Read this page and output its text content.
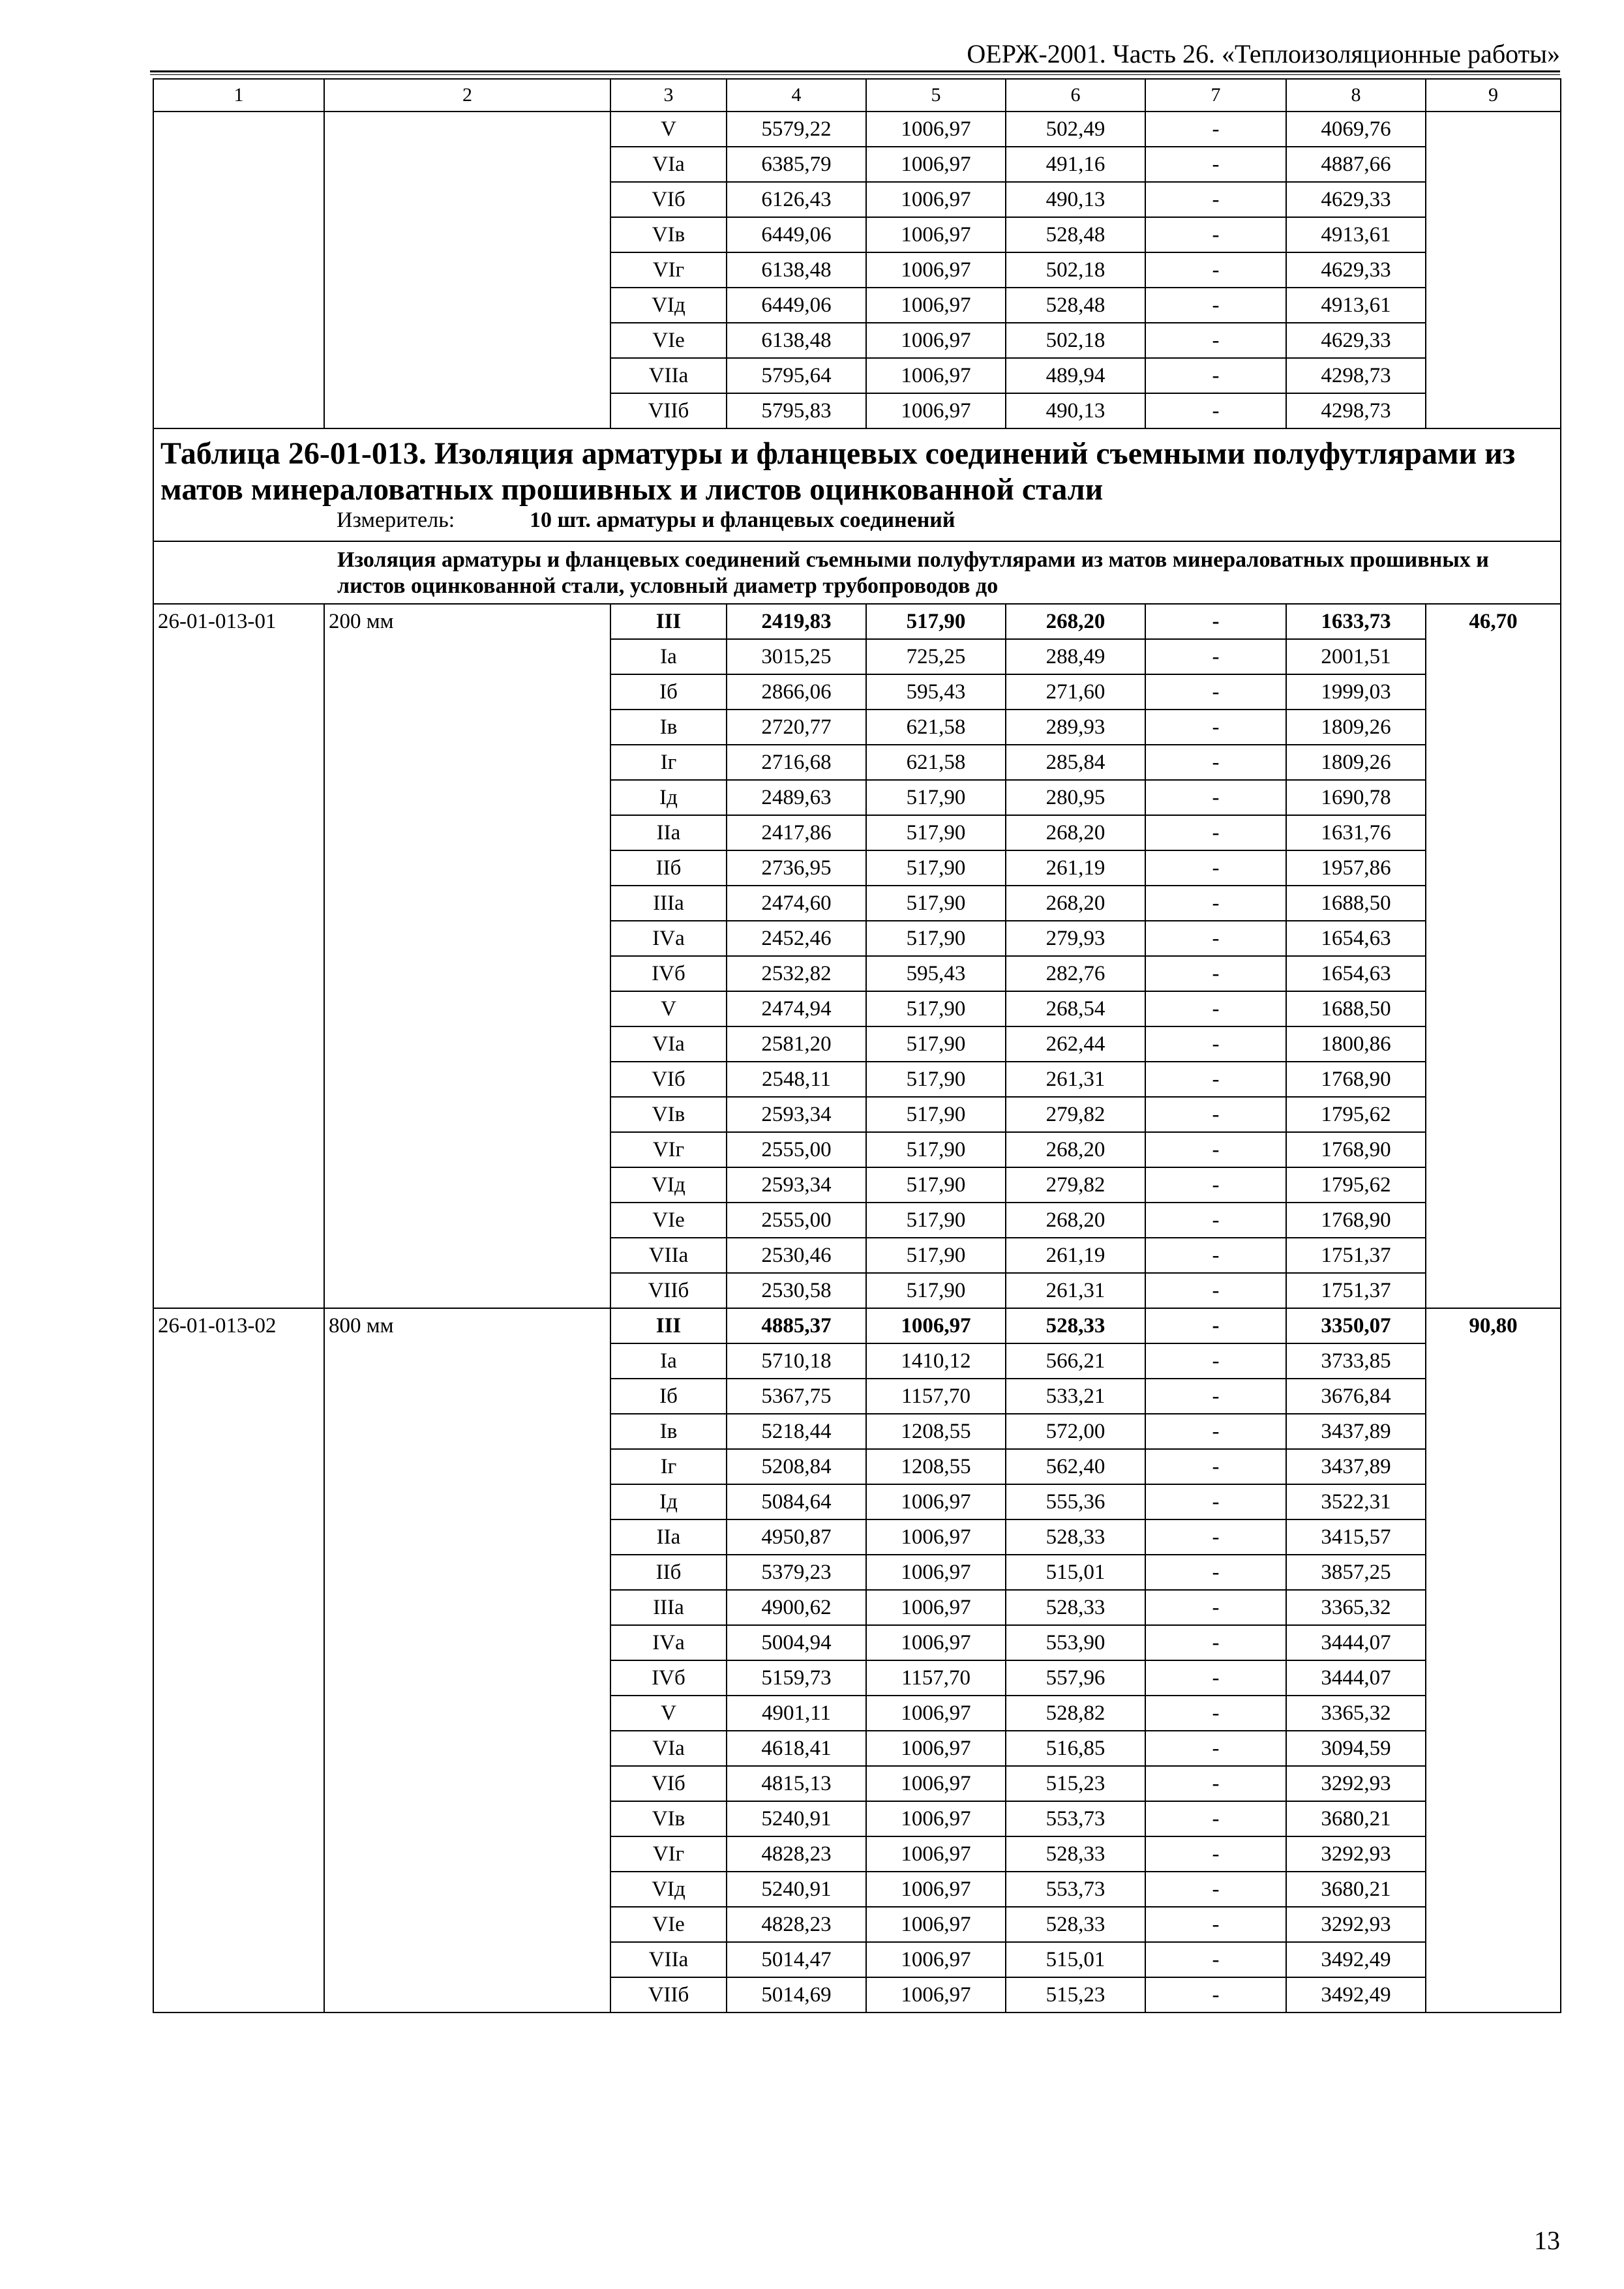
ОЕРЖ-2001. Часть 26. «Теплоизоляционные работы»
1	2	3	4	5	6	7	8	9
		V	5579,22	1006,97	502,49	-	4069,76	
		VIа	6385,79	1006,97	491,16	-	4887,66	
		VIб	6126,43	1006,97	490,13	-	4629,33	
		VIв	6449,06	1006,97	528,48	-	4913,61	
		VIг	6138,48	1006,97	502,18	-	4629,33	
		VIд	6449,06	1006,97	528,48	-	4913,61	
		VIе	6138,48	1006,97	502,18	-	4629,33	
		VIIа	5795,64	1006,97	489,94	-	4298,73	
		VIIб	5795,83	1006,97	490,13	-	4298,73	
Таблица 26-01-013. Изоляция арматуры и фланцевых соединений съемными полуфутлярами из матов минераловатных прошивных и листов оцинкованной стали								
Измеритель: 10 шт. арматуры и фланцевых соединений								

Изоляция арматуры и фланцевых соединений съемными полуфутлярами из матов минераловатных прошивных и листов оцинкованной стали, условный диаметр трубопроводов до								

26-01-013-01	200 мм	III	2419,83	517,90	268,20	-	1633,73	46,70
		Iа	3015,25	725,25	288,49	-	2001,51	
		Iб	2866,06	595,43	271,60	-	1999,03	
		Iв	2720,77	621,58	289,93	-	1809,26	
		Iг	2716,68	621,58	285,84	-	1809,26	
		Iд	2489,63	517,90	280,95	-	1690,78	
		IIа	2417,86	517,90	268,20	-	1631,76	
		IIб	2736,95	517,90	261,19	-	1957,86	
		IIIа	2474,60	517,90	268,20	-	1688,50	
		IVа	2452,46	517,90	279,93	-	1654,63	
		IVб	2532,82	595,43	282,76	-	1654,63	
		V	2474,94	517,90	268,54	-	1688,50	
		VIа	2581,20	517,90	262,44	-	1800,86	
		VIб	2548,11	517,90	261,31	-	1768,90	
		VIв	2593,34	517,90	279,82	-	1795,62	
		VIг	2555,00	517,90	268,20	-	1768,90	
		VIд	2593,34	517,90	279,82	-	1795,62	
		VIе	2555,00	517,90	268,20	-	1768,90	
		VIIа	2530,46	517,90	261,19	-	1751,37	
		VIIб	2530,58	517,90	261,31	-	1751,37	
26-01-013-02	800 мм	III	4885,37	1006,97	528,33	-	3350,07	90,80
		Iа	5710,18	1410,12	566,21	-	3733,85	
		Iб	5367,75	1157,70	533,21	-	3676,84	
		Iв	5218,44	1208,55	572,00	-	3437,89	
		Iг	5208,84	1208,55	562,40	-	3437,89	
		Iд	5084,64	1006,97	555,36	-	3522,31	
		IIа	4950,87	1006,97	528,33	-	3415,57	
		IIб	5379,23	1006,97	515,01	-	3857,25	
		IIIа	4900,62	1006,97	528,33	-	3365,32	
		IVа	5004,94	1006,97	553,90	-	3444,07	
		IVб	5159,73	1157,70	557,96	-	3444,07	
		V	4901,11	1006,97	528,82	-	3365,32	
		VIа	4618,41	1006,97	516,85	-	3094,59	
		VIб	4815,13	1006,97	515,23	-	3292,93	
		VIв	5240,91	1006,97	553,73	-	3680,21	
		VIг	4828,23	1006,97	528,33	-	3292,93	
		VIд	5240,91	1006,97	553,73	-	3680,21	
		VIе	4828,23	1006,97	528,33	-	3292,93	
		VIIа	5014,47	1006,97	515,01	-	3492,49	
		VIIб	5014,69	1006,97	515,23	-	3492,49	
13
